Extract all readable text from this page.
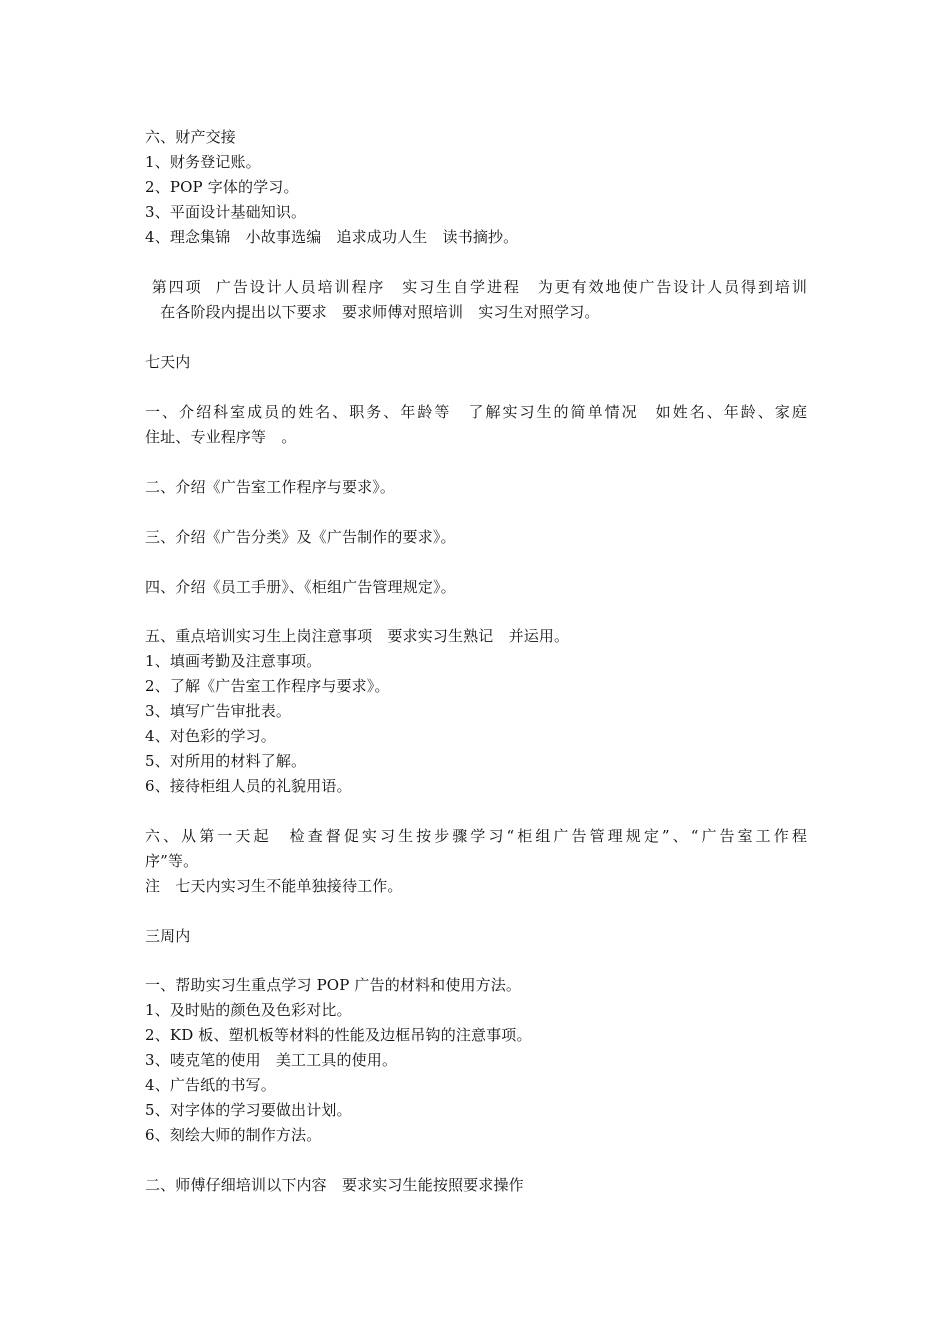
六、财产交接

1、财务登记账。

2、POP 字体的学习。

3、平面设计基础知识。

4、理念集锦　小故事选编　追求成功人生　读书摘抄。

第四项  广告设计人员培训程序　实习生自学进程　为更有效地使广告设计人员得到培训

　在各阶段内提出以下要求　要求师傅对照培训　实习生对照学习。

七天内

一、介绍科室成员的姓名、职务、年龄等　了解实习生的简单情况　如姓名、年龄、家庭

住址、专业程序等　。

二、介绍《广告室工作程序与要求》。

三、介绍《广告分类》及《广告制作的要求》。

四、介绍《员工手册》、《柜组广告管理规定》。

五、重点培训实习生上岗注意事项　要求实习生熟记　并运用。

1、填画考勤及注意事项。

2、了解《广告室工作程序与要求》。

3、填写广告审批表。

4、对色彩的学习。

5、对所用的材料了解。

6、接待柜组人员的礼貌用语。

六、从第一天起　检查督促实习生按步骤学习“柜组广告管理规定”、“广告室工作程

序”等。

注　七天内实习生不能单独接待工作。

三周内

一、帮助实习生重点学习 POP 广告的材料和使用方法。

1、及时贴的颜色及色彩对比。

2、KD 板、塑机板等材料的性能及边框吊钩的注意事项。

3、唛克笔的使用　美工工具的使用。

4、广告纸的书写。

5、对字体的学习要做出计划。

6、刻绘大师的制作方法。

二、师傅仔细培训以下内容　要求实习生能按照要求操作
